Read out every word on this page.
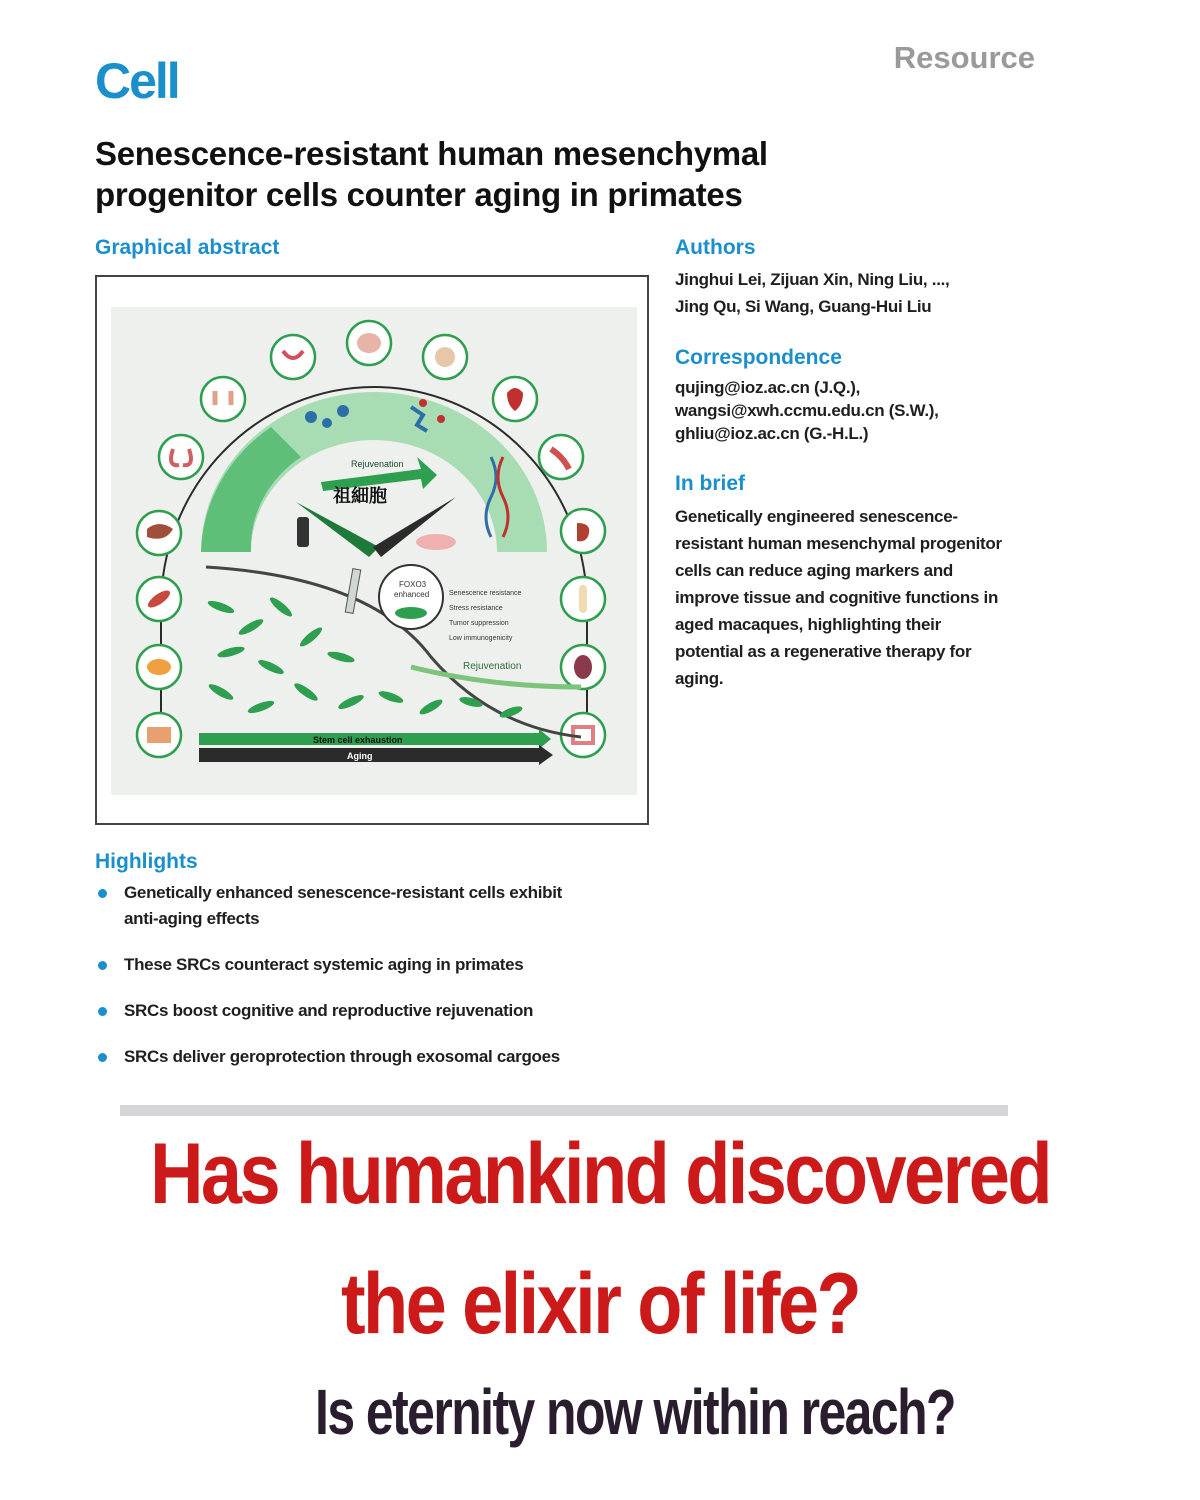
Cell	Resource
Senescence-resistant human mesenchymal
progenitor cells counter aging in primates
Graphical abstract
Rejuvenation
祖細胞
Rejuvenation
FOXO3
enhanced	Senescence resistance
Stress resistance
Tumor suppression
Low immunogenicity
Stem cell exhaustion
Aging
Authors
Jinghui Lei, Zijuan Xin, Ning Liu, ...,
Jing Qu, Si Wang, Guang-Hui Liu
Correspondence
qujing@ioz.ac.cn (J.Q.),
wangsi@xwh.ccmu.edu.cn (S.W.),
ghliu@ioz.ac.cn (G.-H.L.)
In brief
Genetically engineered senescence-
resistant human mesenchymal progenitor
cells can reduce aging markers and
improve tissue and cognitive functions in
aged macaques, highlighting their
potential as a regenerative therapy for
aging.
Highlights
Genetically enhanced senescence-resistant cells exhibit
anti-aging effects
These SRCs counteract systemic aging in primates
SRCs boost cognitive and reproductive rejuvenation
SRCs deliver geroprotection through exosomal cargoes
Has humankind discovered
the elixir of life?
Is eternity now within reach?
